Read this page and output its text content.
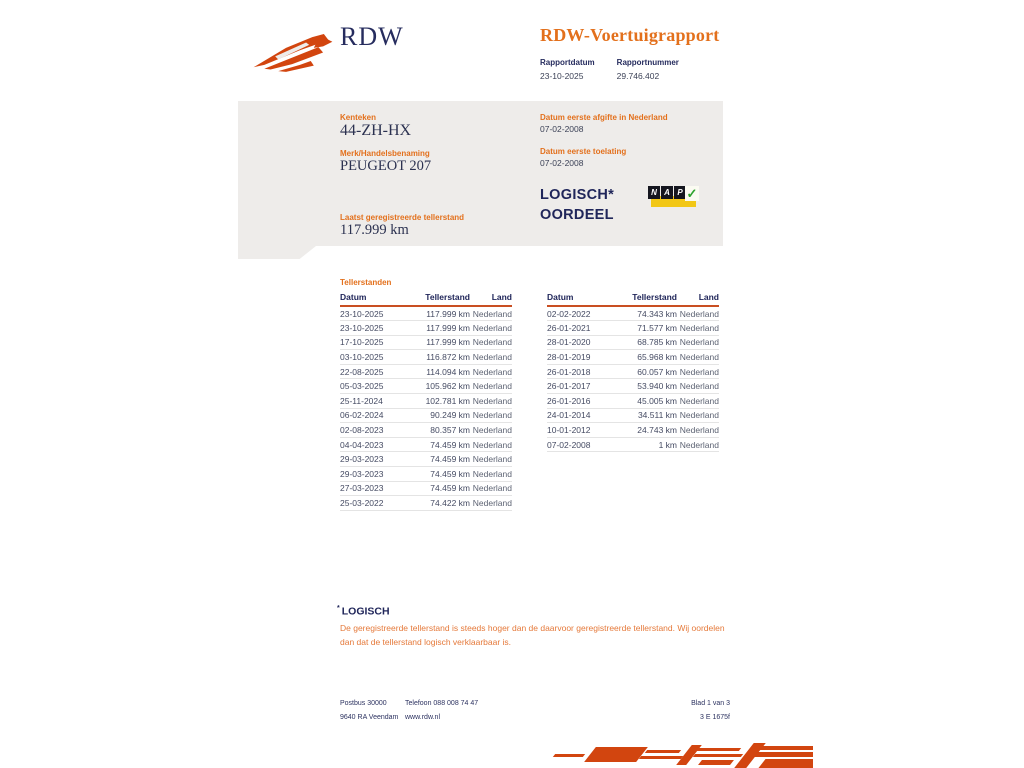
RDW	RDW-Voertuigrapport
Rapportdatum
23-10-2025
Rapportnummer
29.746.402
Kenteken
44-ZH-HX
Merk/Handelsbenaming
PEUGEOT 207
Laatst geregistreerde tellerstand
117.999 km
Datum eerste afgifte in Nederland
07-02-2008
Datum eerste toelating
07-02-2008
LOGISCH*
OORDEEL
N A P ✓
Tellerstanden
Datum	Tellerstand	Land
23-10-2025	117.999 km	Nederland
23-10-2025	117.999 km	Nederland
17-10-2025	117.999 km	Nederland
03-10-2025	116.872 km	Nederland
22-08-2025	114.094 km	Nederland
05-03-2025	105.962 km	Nederland
25-11-2024	102.781 km	Nederland
06-02-2024	90.249 km	Nederland
02-08-2023	80.357 km	Nederland
04-04-2023	74.459 km	Nederland
29-03-2023	74.459 km	Nederland
29-03-2023	74.459 km	Nederland
27-03-2023	74.459 km	Nederland
25-03-2022	74.422 km	Nederland
Datum	Tellerstand	Land
02-02-2022	74.343 km	Nederland
26-01-2021	71.577 km	Nederland
28-01-2020	68.785 km	Nederland
28-01-2019	65.968 km	Nederland
26-01-2018	60.057 km	Nederland
26-01-2017	53.940 km	Nederland
26-01-2016	45.005 km	Nederland
24-01-2014	34.511 km	Nederland
10-01-2012	24.743 km	Nederland
07-02-2008	1 km	Nederland
* LOGISCH
De geregistreerde tellerstand is steeds hoger dan de daarvoor geregistreerde tellerstand. Wij oordelen dan dat de tellerstand logisch verklaarbaar is.
Postbus 30000
9640 RA Veendam
Telefoon 088 008 74 47
www.rdw.nl
Blad 1 van 3
3 E 1675f
